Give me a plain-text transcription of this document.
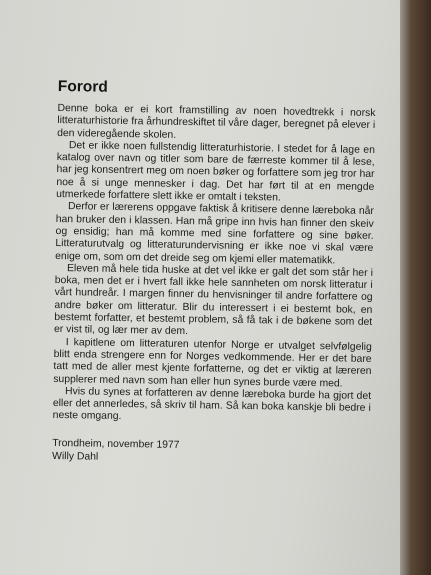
Forord

Denne boka er ei kort framstilling av noen hovedtrekk i norsk litteraturhistorie fra århundreskiftet til våre dager, beregnet på elever i den videregående skolen.

Det er ikke noen fullstendig litteraturhistorie. I stedet for å lage en katalog over navn og titler som bare de færreste kommer til å lese, har jeg konsentrert meg om noen bøker og forfattere som jeg tror har noe å si unge mennesker i dag. Det har ført til at en mengde utmerkede forfattere slett ikke er omtalt i teksten.

Derfor er lærerens oppgave faktisk å kritisere denne læreboka når han bruker den i klassen. Han må gripe inn hvis han finner den skeiv og ensidig; han må komme med sine forfattere og sine bøker. Litteraturutvalg og litteraturundervisning er ikke noe vi skal være enige om, som om det dreide seg om kjemi eller matematikk.

Eleven må hele tida huske at det vel ikke er galt det som står her i boka, men det er i hvert fall ikke hele sannheten om norsk litteratur i vårt hundreår. I margen finner du henvisninger til andre forfattere og andre bøker om litteratur. Blir du interessert i ei bestemt bok, en bestemt forfatter, et bestemt problem, så få tak i de bøkene som det er vist til, og lær mer av dem.

I kapitlene om litteraturen utenfor Norge er utvalget selvfølgelig blitt enda strengere enn for Norges vedkommende. Her er det bare tatt med de aller mest kjente forfatterne, og det er viktig at læreren supplerer med navn som han eller hun synes burde være med.

Hvis du synes at forfatteren av denne læreboka burde ha gjort det eller det annerledes, så skriv til ham. Så kan boka kanskje bli bedre i neste omgang.

Trondheim, november 1977
Willy Dahl
